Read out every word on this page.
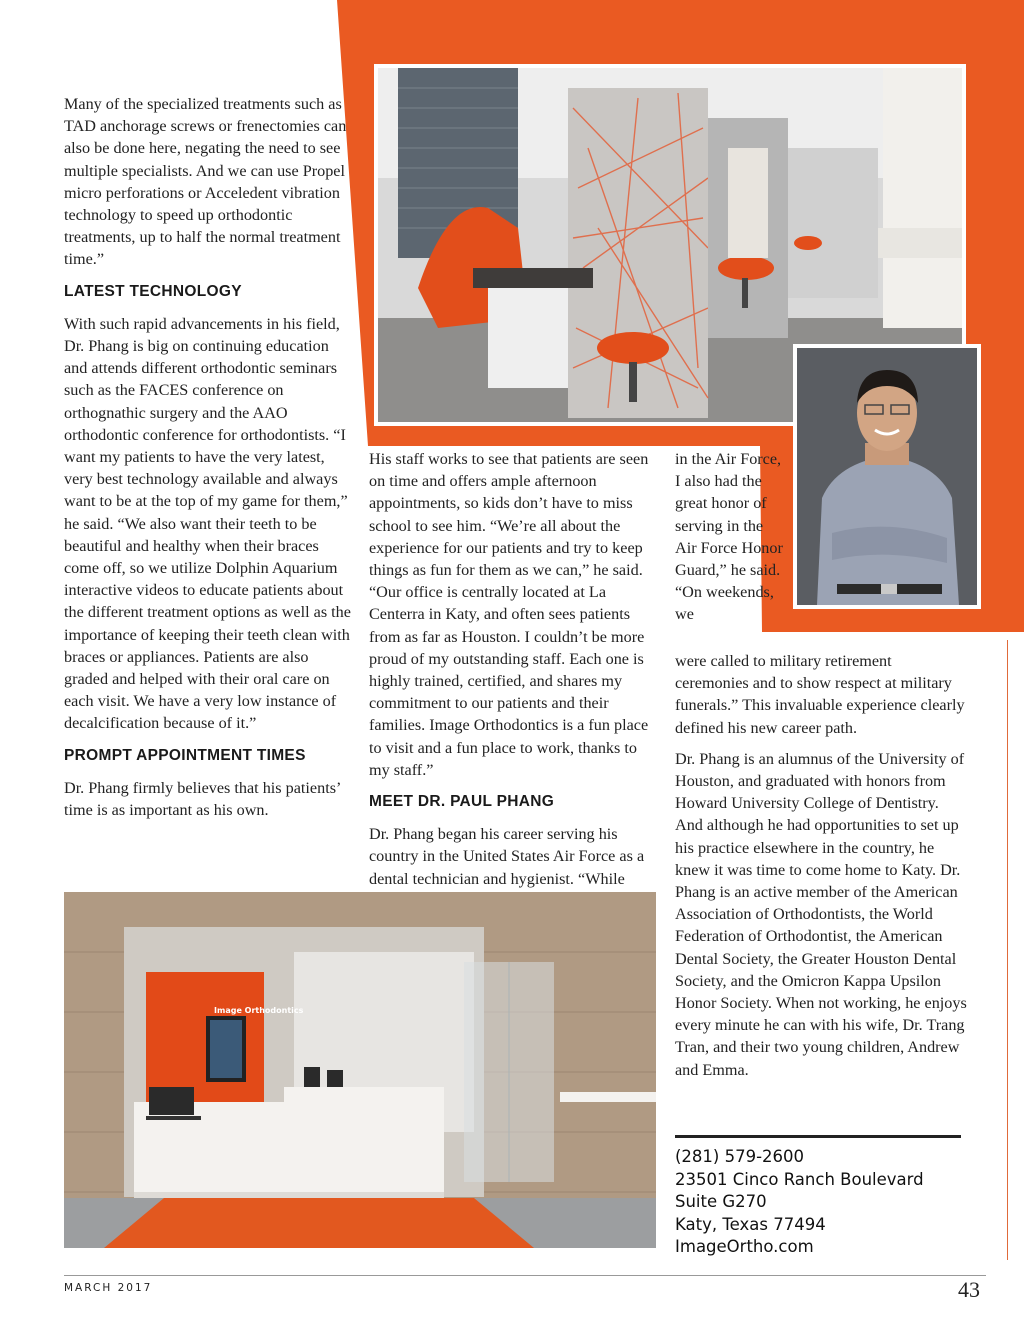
Many of the specialized treatments such as TAD anchorage screws or frenectomies can also be done here, negating the need to see multiple specialists. And we can use Propel micro perforations or Acceledent vibration technology to speed up orthodontic treatments, up to half the normal treatment time.”

LATEST TECHNOLOGY

With such rapid advancements in his field, Dr. Phang is big on continuing education and attends different orthodontic seminars such as the FACES conference on orthognathic surgery and the AAO orthodontic conference for orthodontists. “I want my patients to have the very latest, very best technology available and always want to be at the top of my game for them,” he said. “We also want their teeth to be beautiful and healthy when their braces come off, so we utilize Dolphin Aquarium interactive videos to educate patients about the different treatment options as well as the importance of keeping their teeth clean with braces or appliances. Patients are also graded and helped with their oral care on each visit. We have a very low instance of decalcification because of it.”

PROMPT APPOINTMENT TIMES

Dr. Phang firmly believes that his patients’ time is as important as his own.

His staff works to see that patients are seen on time and offers ample afternoon appointments, so kids don’t have to miss school to see him. “We’re all about the experience for our patients and try to keep things as fun for them as we can,” he said. “Our office is centrally located at La Centerra in Katy, and often sees patients from as far as Houston. I couldn’t be more proud of my outstanding staff. Each one is highly trained, certified, and shares my commitment to our patients and their families. Image Orthodontics is a fun place to visit and a fun place to work, thanks to my staff.”

MEET DR. PAUL PHANG

Dr. Phang began his career serving his country in the United States Air Force as a dental technician and hygienist. “While

in the Air Force, I also had the great honor of serving in the Air Force Honor Guard,” he said. “On weekends, we

were called to military retirement ceremonies and to show respect at military funerals.” This invaluable experience clearly defined his new career path.

Dr. Phang is an alumnus of the University of Houston, and graduated with honors from Howard University College of Dentistry. And although he had opportunities to set up his practice elsewhere in the country, he knew it was time to come home to Katy. Dr. Phang is an active member of the American Association of Orthodontists, the World Federation of Orthodontist, the American Dental Society, the Greater Houston Dental Society, and the Omicron Kappa Upsilon Honor Society. When not working, he enjoys every minute he can with his wife, Dr. Trang Tran, and their two young children, Andrew and Emma.

Image Orthodontics
(281) 579-2600
23501 Cinco Ranch Boulevard
Suite G270
Katy, Texas 77494
ImageOrtho.com
MARCH 2017	43
